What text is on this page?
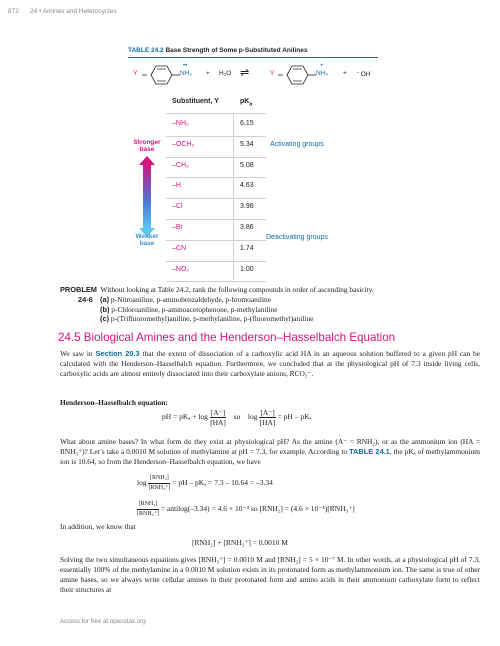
872 24 • Amines and Heterocycles
TABLE 24.2 Base Strength of Some p-Substituted Anilines
Y
••
NH₂ + H₂O ⇌	Y
+
NH₃ + ⁻ OH
Substituent, Y	$pK_a$
–NH₂	6.15
–OCH₃	5.34
–CH₃	5.08
–H	4.63
–Cl	3.98
–Br	3.86
–CN	1.74
–NO₂	1.00
Activating groups
Deactivating groups
Stronger
base
Weaker
base
PROBLEM Without looking at Table 24.2, rank the following compounds in order of ascending basicity.
24-6 (a) p-Nitroaniline, p-aminobenzaldehyde, p-bromoaniline
(b) p-Chloroaniline, p-aminoacetophenone, p-methylaniline
(c) p-(Trifluoromethyl)aniline, p-methylaniline, p-(fluoromethyl)aniline
24.5 Biological Amines and the Henderson–Hasselbalch Equation
We saw in Section 20.3 that the extent of dissociation of a carboxylic acid HA in an aqueous solution buffered to a given pH can be calculated with the Henderson–Hasselbalch equation. Furthermore, we concluded that at the physiological pH of 7.3 inside living cells, carboxylic acids are almost entirely dissociated into their carboxylate anions, RCO₂⁻.
Henderson–Hasselbalch equation:
pH = $pK_a + \log \frac{[A^-]}{[HA]}$ so $\log \frac{[A^-]}{[HA]}$ = pH – pKₐ
What about amine bases? In what form do they exist at physiological pH? As the amine (A⁻ = RNH₂), or as the ammonium ion (HA = RNH₃⁺)? Let’s take a 0.0010 M solution of methylamine at pH = 7.3, for example. According to TABLE 24.1, the pKₐ of methylammonium ion is 10.64, so from the Henderson–Hasselbalch equation, we have
$\log \frac{\text{[RNH₂]}}{\text{[RNH₃⁺]}}$ = pH – pKₐ = 7.3 – 10.64 = –3.34
$\frac{\text{[RNH₂]}}{\text{[RNH₃⁺]}}$ = antilog(–3.34) = 4.6 × 10⁻⁴ so [RNH₂] = (4.6 × 10⁻⁴)[RNH₃⁺]
In addition, we know that
[RNH₂] + [RNH₃⁺] = 0.0010 M
Solving the two simultaneous equations gives [RNH₃⁺] = 0.0010 M and [RNH₂] = 5 × 10⁻⁷ M. In other words, at a physiological pH of 7.3, essentially 100% of the methylamine in a 0.0010 M solution exists in its protonated form as methylammonium ion. The same is true of other amine bases, so we always write cellular amines in their protonated form and amino acids in their ammonium carboxylate form to reflect their structures at
Access for free at openstax.org
